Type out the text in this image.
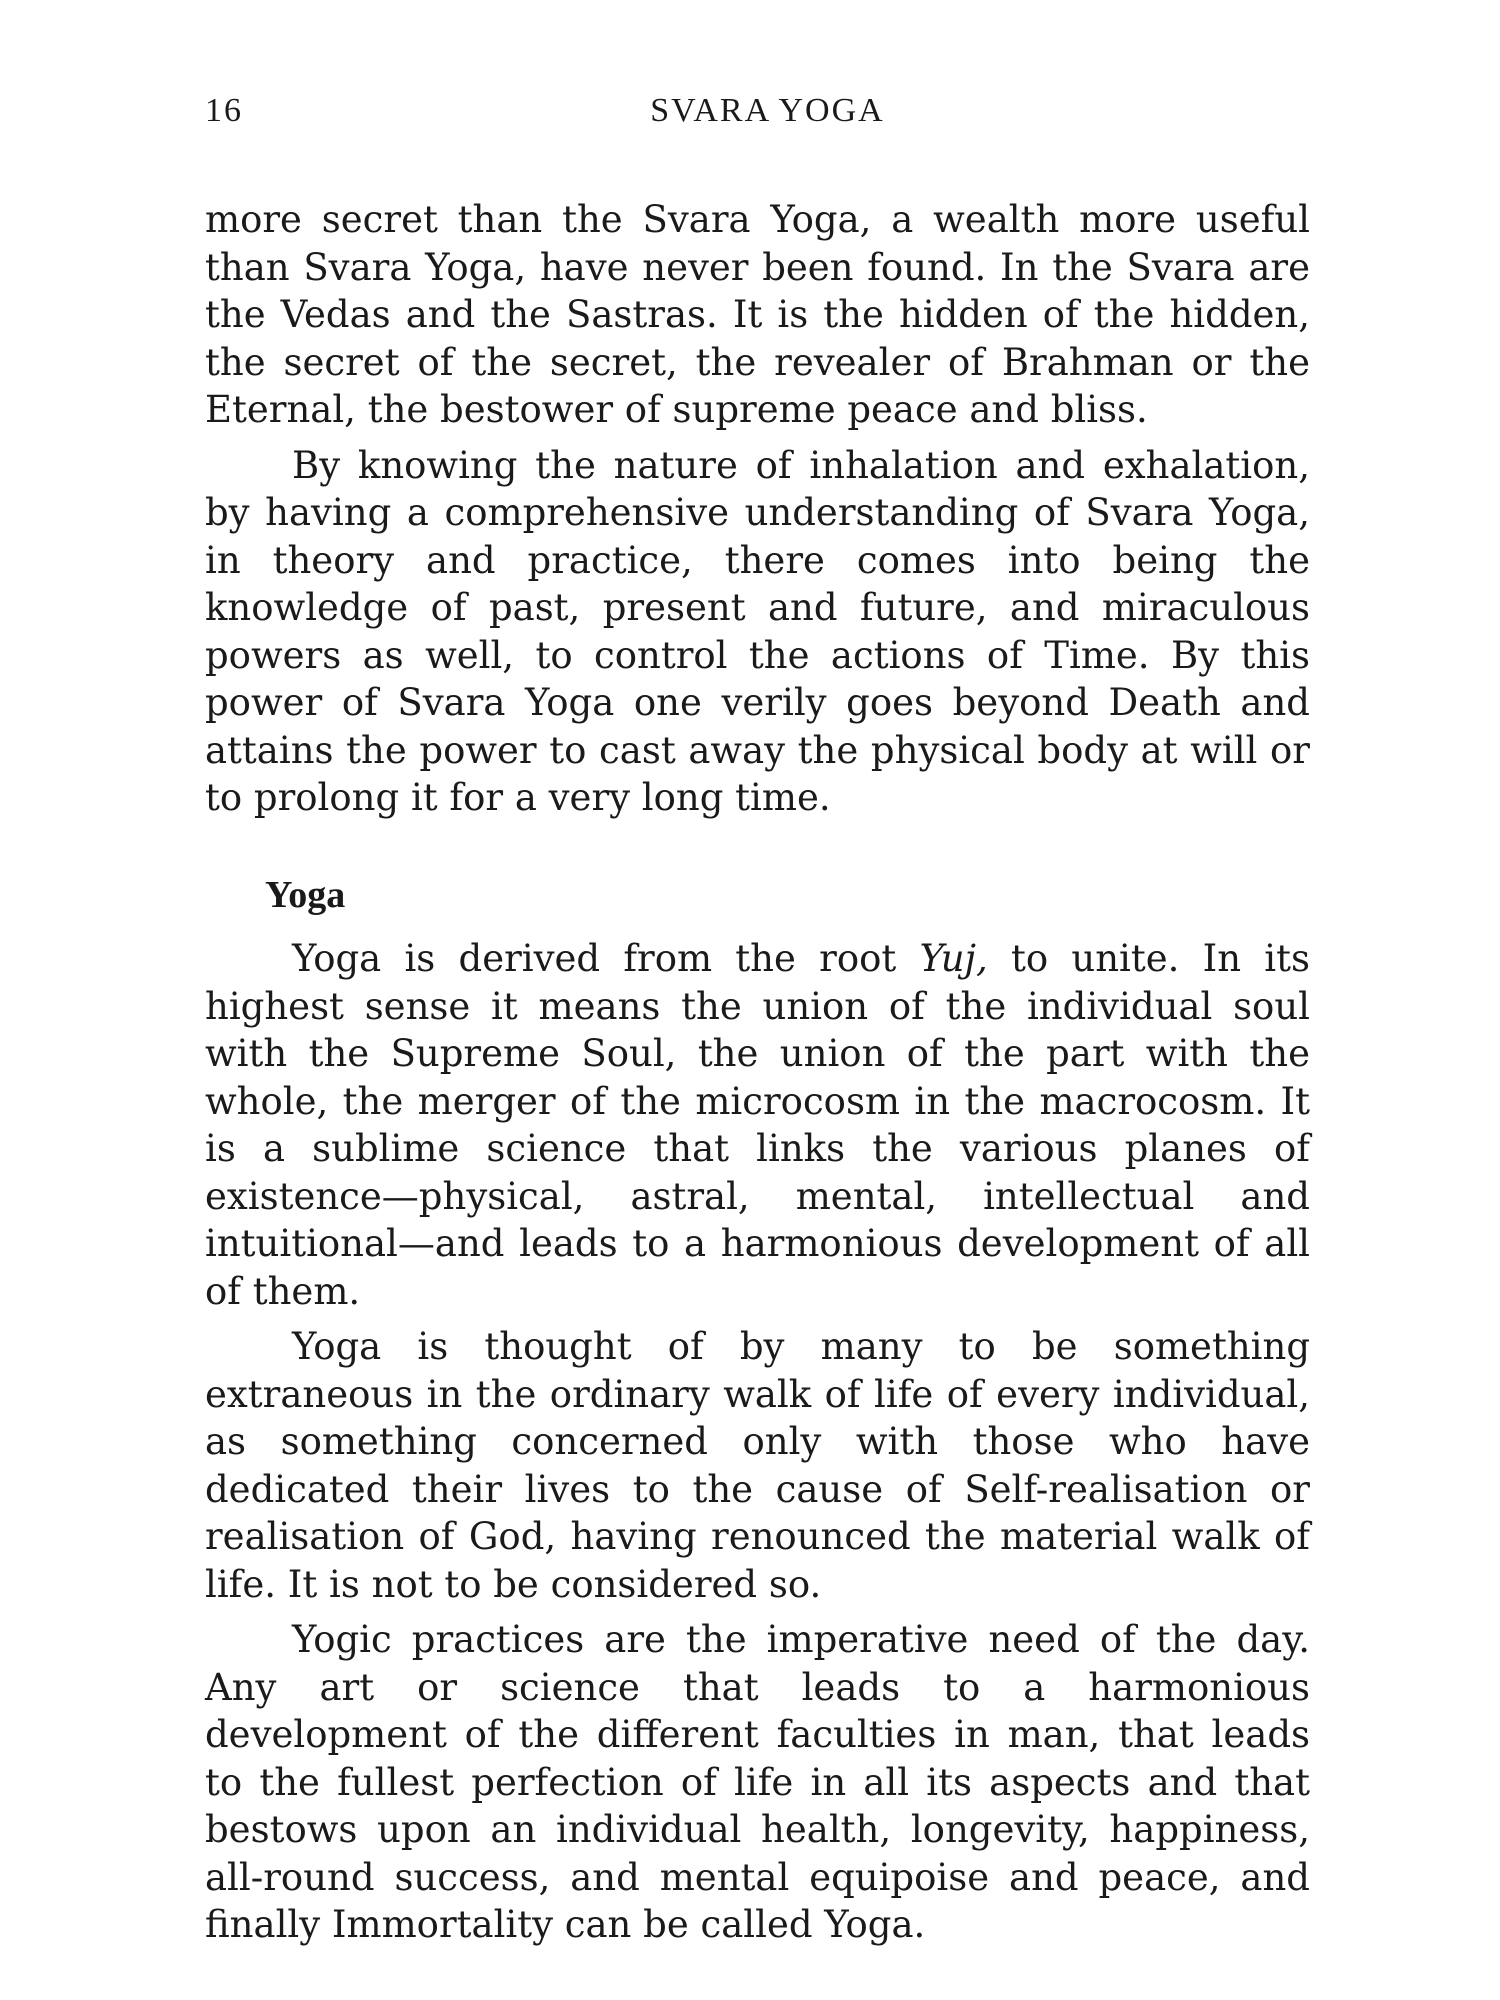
16	SVARA YOGA

more secret than the Svara Yoga, a wealth more useful than Svara Yoga, have never been found. In the Svara are the Vedas and the Sastras. It is the hidden of the hidden, the secret of the secret, the revealer of Brahman or the Eternal, the bestower of supreme peace and bliss.

By knowing the nature of inhalation and exhalation, by having a comprehensive understanding of Svara Yoga, in theory and practice, there comes into being the knowledge of past, present and future, and miraculous powers as well, to control the actions of Time. By this power of Svara Yoga one verily goes beyond Death and attains the power to cast away the physical body at will or to prolong it for a very long time.

Yoga

Yoga is derived from the root Yuj, to unite. In its highest sense it means the union of the individual soul with the Supreme Soul, the union of the part with the whole, the merger of the microcosm in the macrocosm. It is a sublime science that links the various planes of existence—physical, astral, mental, intellectual and intuitional—and leads to a harmonious development of all of them.

Yoga is thought of by many to be something extraneous in the ordinary walk of life of every individual, as something concerned only with those who have dedicated their lives to the cause of Self-realisation or realisation of God, having renounced the material walk of life. It is not to be considered so.

Yogic practices are the imperative need of the day. Any art or science that leads to a harmonious development of the different faculties in man, that leads to the fullest perfection of life in all its aspects and that bestows upon an individual health, longevity, happiness, all-round success, and mental equipoise and peace, and finally Immortality can be called Yoga.
